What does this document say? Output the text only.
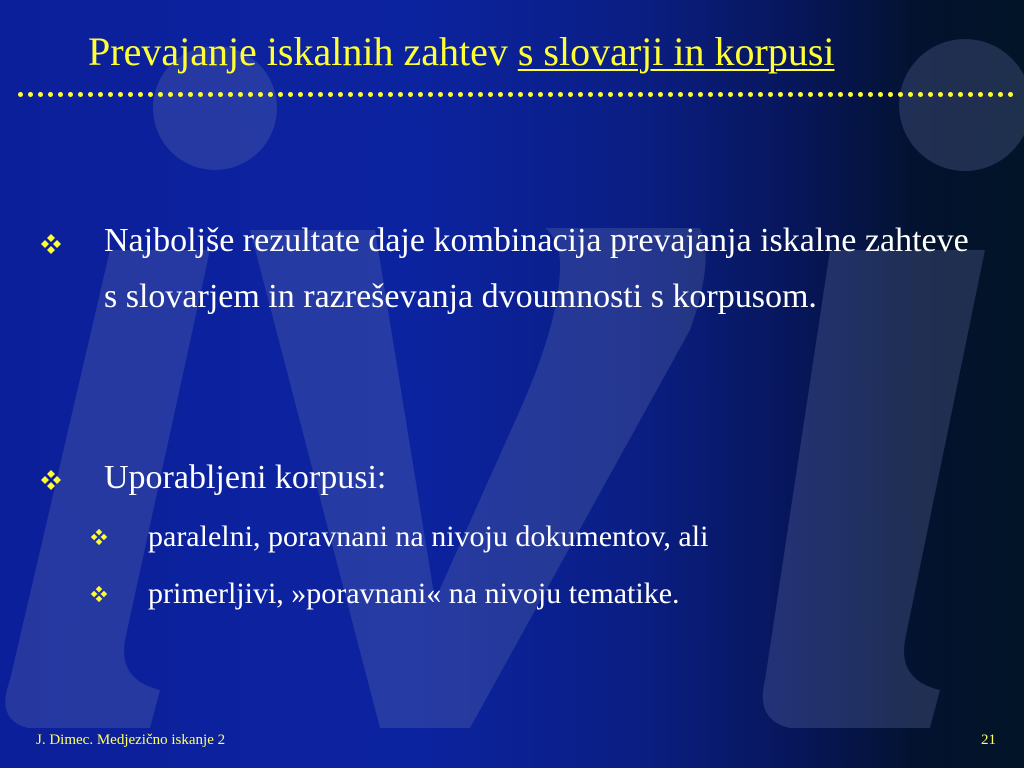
Prevajanje iskalnih zahtev s slovarji in korpusi
Najboljše rezultate daje kombinacija prevajanja iskalne zahteve s slovarjem in razreševanja dvoumnosti s korpusom.
Uporabljeni korpusi:
paralelni, poravnani na nivoju dokumentov, ali
primerljivi, »poravnani« na nivoju tematike.
J. Dimec. Medjezično iskanje 2	21
